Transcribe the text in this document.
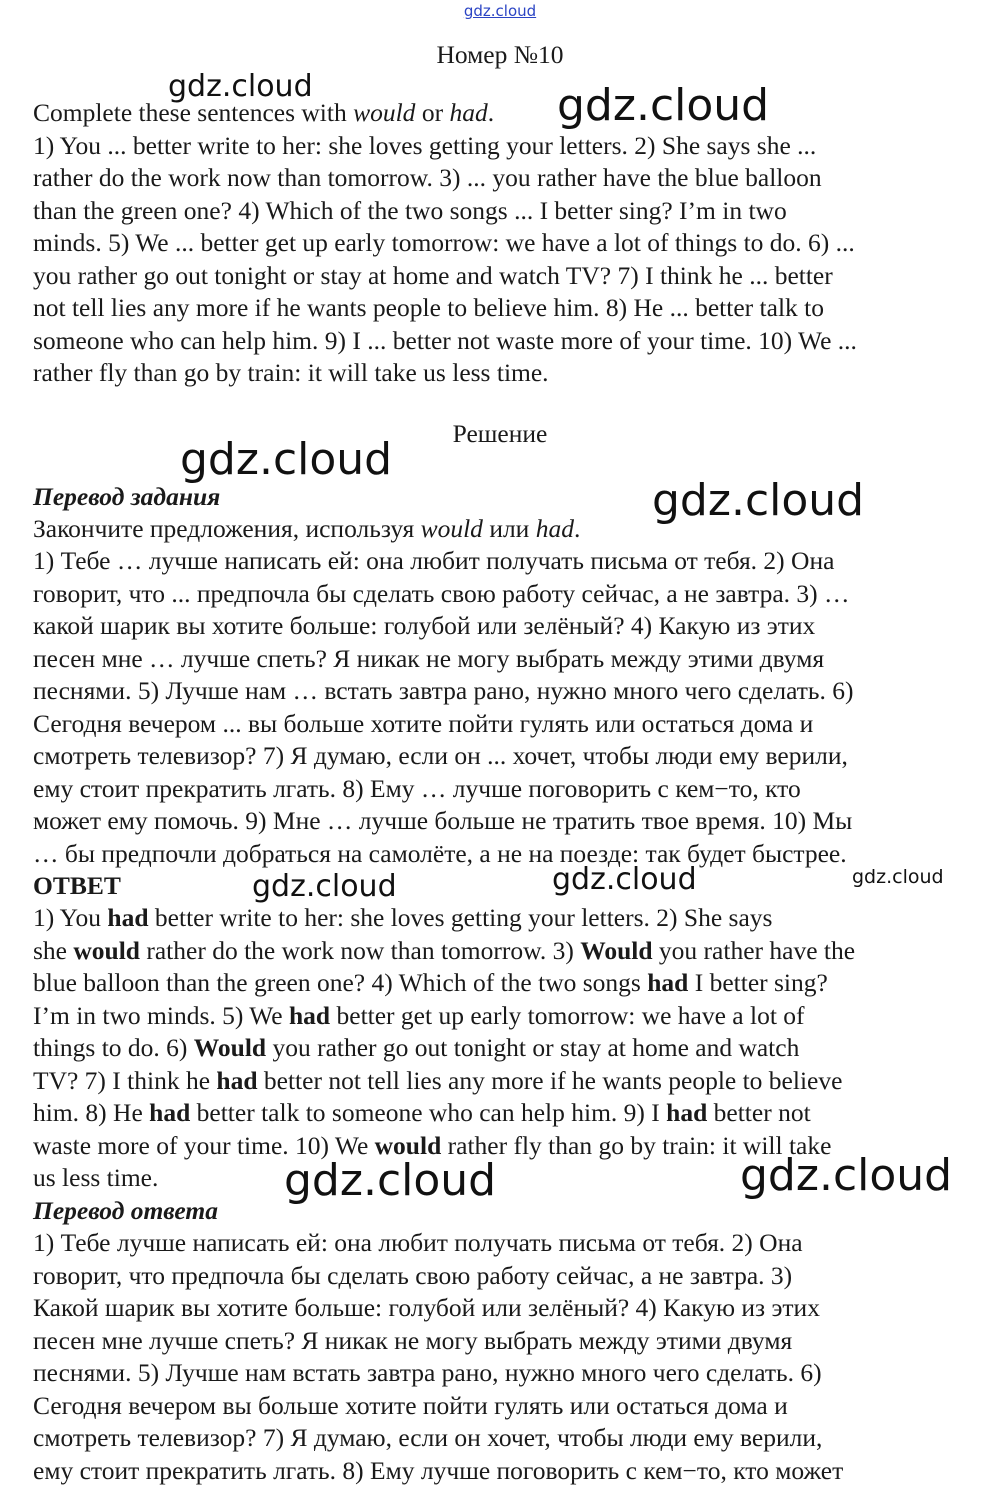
gdz.cloud
Номер №10
Complete these sentences with would or had.
1) You ... better write to her: she loves getting your letters. 2) She says she ...
rather do the work now than tomorrow. 3) ... you rather have the blue balloon
than the green one? 4) Which of the two songs ... I better sing? I’m in two
minds. 5) We ... better get up early tomorrow: we have a lot of things to do. 6) ...
you rather go out tonight or stay at home and watch TV? 7) I think he ... better
not tell lies any more if he wants people to believe him. 8) He ... better talk to
someone who can help him. 9) I ... better not waste more of your time. 10) We ...
rather fly than go by train: it will take us less time.
Решение
Перевод задания
Закончите предложения, используя would или had.
1) Тебе … лучше написать ей: она любит получать письма от тебя. 2) Она
говорит, что ... предпочла бы сделать свою работу сейчас, а не завтра. 3) …
какой шарик вы хотите больше: голубой или зелёный? 4) Какую из этих
песен мне … лучше спеть? Я никак не могу выбрать между этими двумя
песнями. 5) Лучше нам … встать завтра рано, нужно много чего сделать. 6)
Сегодня вечером ... вы больше хотите пойти гулять или остаться дома и
смотреть телевизор? 7) Я думаю, если он ... хочет, чтобы люди ему верили,
ему стоит прекратить лгать. 8) Ему … лучше поговорить с кем−то, кто
может ему помочь. 9) Мне … лучше больше не тратить твое время. 10) Мы
… бы предпочли добраться на самолёте, а не на поезде: так будет быстрее.
ОТВЕТ
1) You had better write to her: she loves getting your letters. 2) She says
she would rather do the work now than tomorrow. 3) Would you rather have the
blue balloon than the green one? 4) Which of the two songs had I better sing?
I’m in two minds. 5) We had better get up early tomorrow: we have a lot of
things to do. 6) Would you rather go out tonight or stay at home and watch
TV? 7) I think he had better not tell lies any more if he wants people to believe
him. 8) He had better talk to someone who can help him. 9) I had better not
waste more of your time. 10) We would rather fly than go by train: it will take
us less time.
Перевод ответа
1) Тебе лучше написать ей: она любит получать письма от тебя. 2) Она
говорит, что предпочла бы сделать свою работу сейчас, а не завтра. 3)
Какой шарик вы хотите больше: голубой или зелёный? 4) Какую из этих
песен мне лучше спеть? Я никак не могу выбрать между этими двумя
песнями. 5) Лучше нам встать завтра рано, нужно много чего сделать. 6)
Сегодня вечером вы больше хотите пойти гулять или остаться дома и
смотреть телевизор? 7) Я думаю, если он хочет, чтобы люди ему верили,
ему стоит прекратить лгать. 8) Ему лучше поговорить с кем−то, кто может
gdz.cloud	gdz.cloud
gdz.cloud
gdz.cloud
gdz.cloud	gdz.cloud	gdz.cloud
gdz.cloud	gdz.cloud
